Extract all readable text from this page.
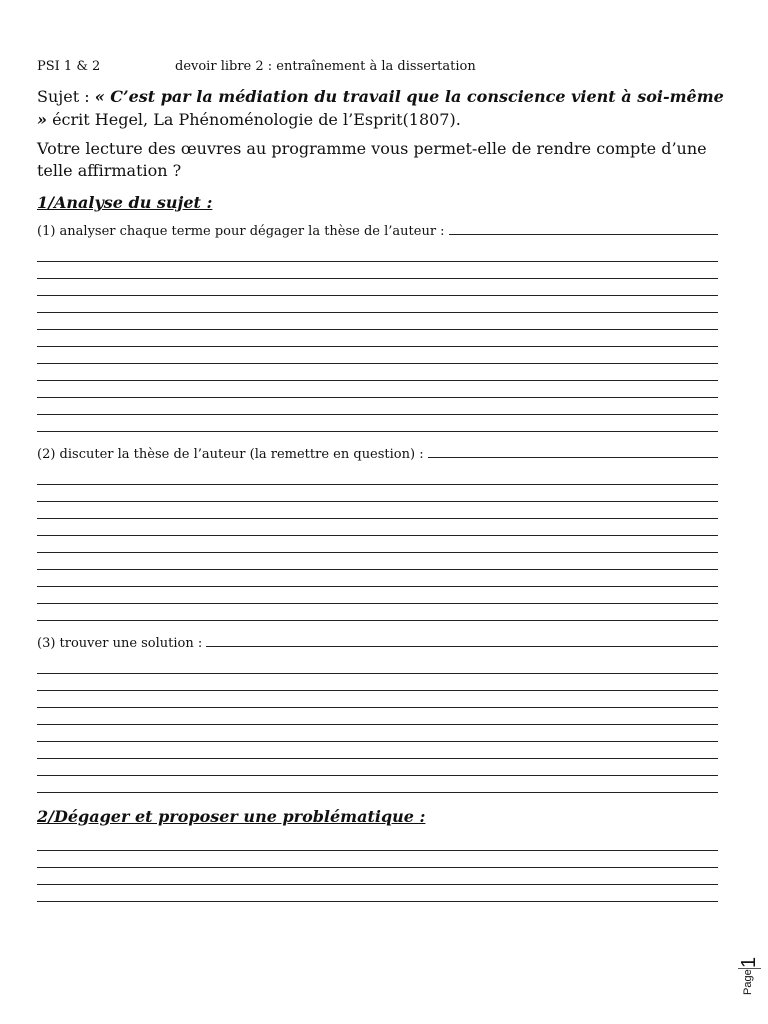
PSI 1 & 2	devoir libre 2 : entraînement à la dissertation
Sujet : « C’est par la médiation du travail que la conscience vient à soi-même » écrit Hegel, La Phénoménologie de l’Esprit(1807).
Votre lecture des œuvres au programme vous permet-elle de rendre compte d’une telle affirmation ?
1/Analyse du sujet :
(1) analyser chaque terme pour dégager la thèse de l’auteur :
(2) discuter la thèse de l’auteur (la remettre en question) :
(3) trouver une solution :
2/Dégager et proposer une problématique :
Page
1
